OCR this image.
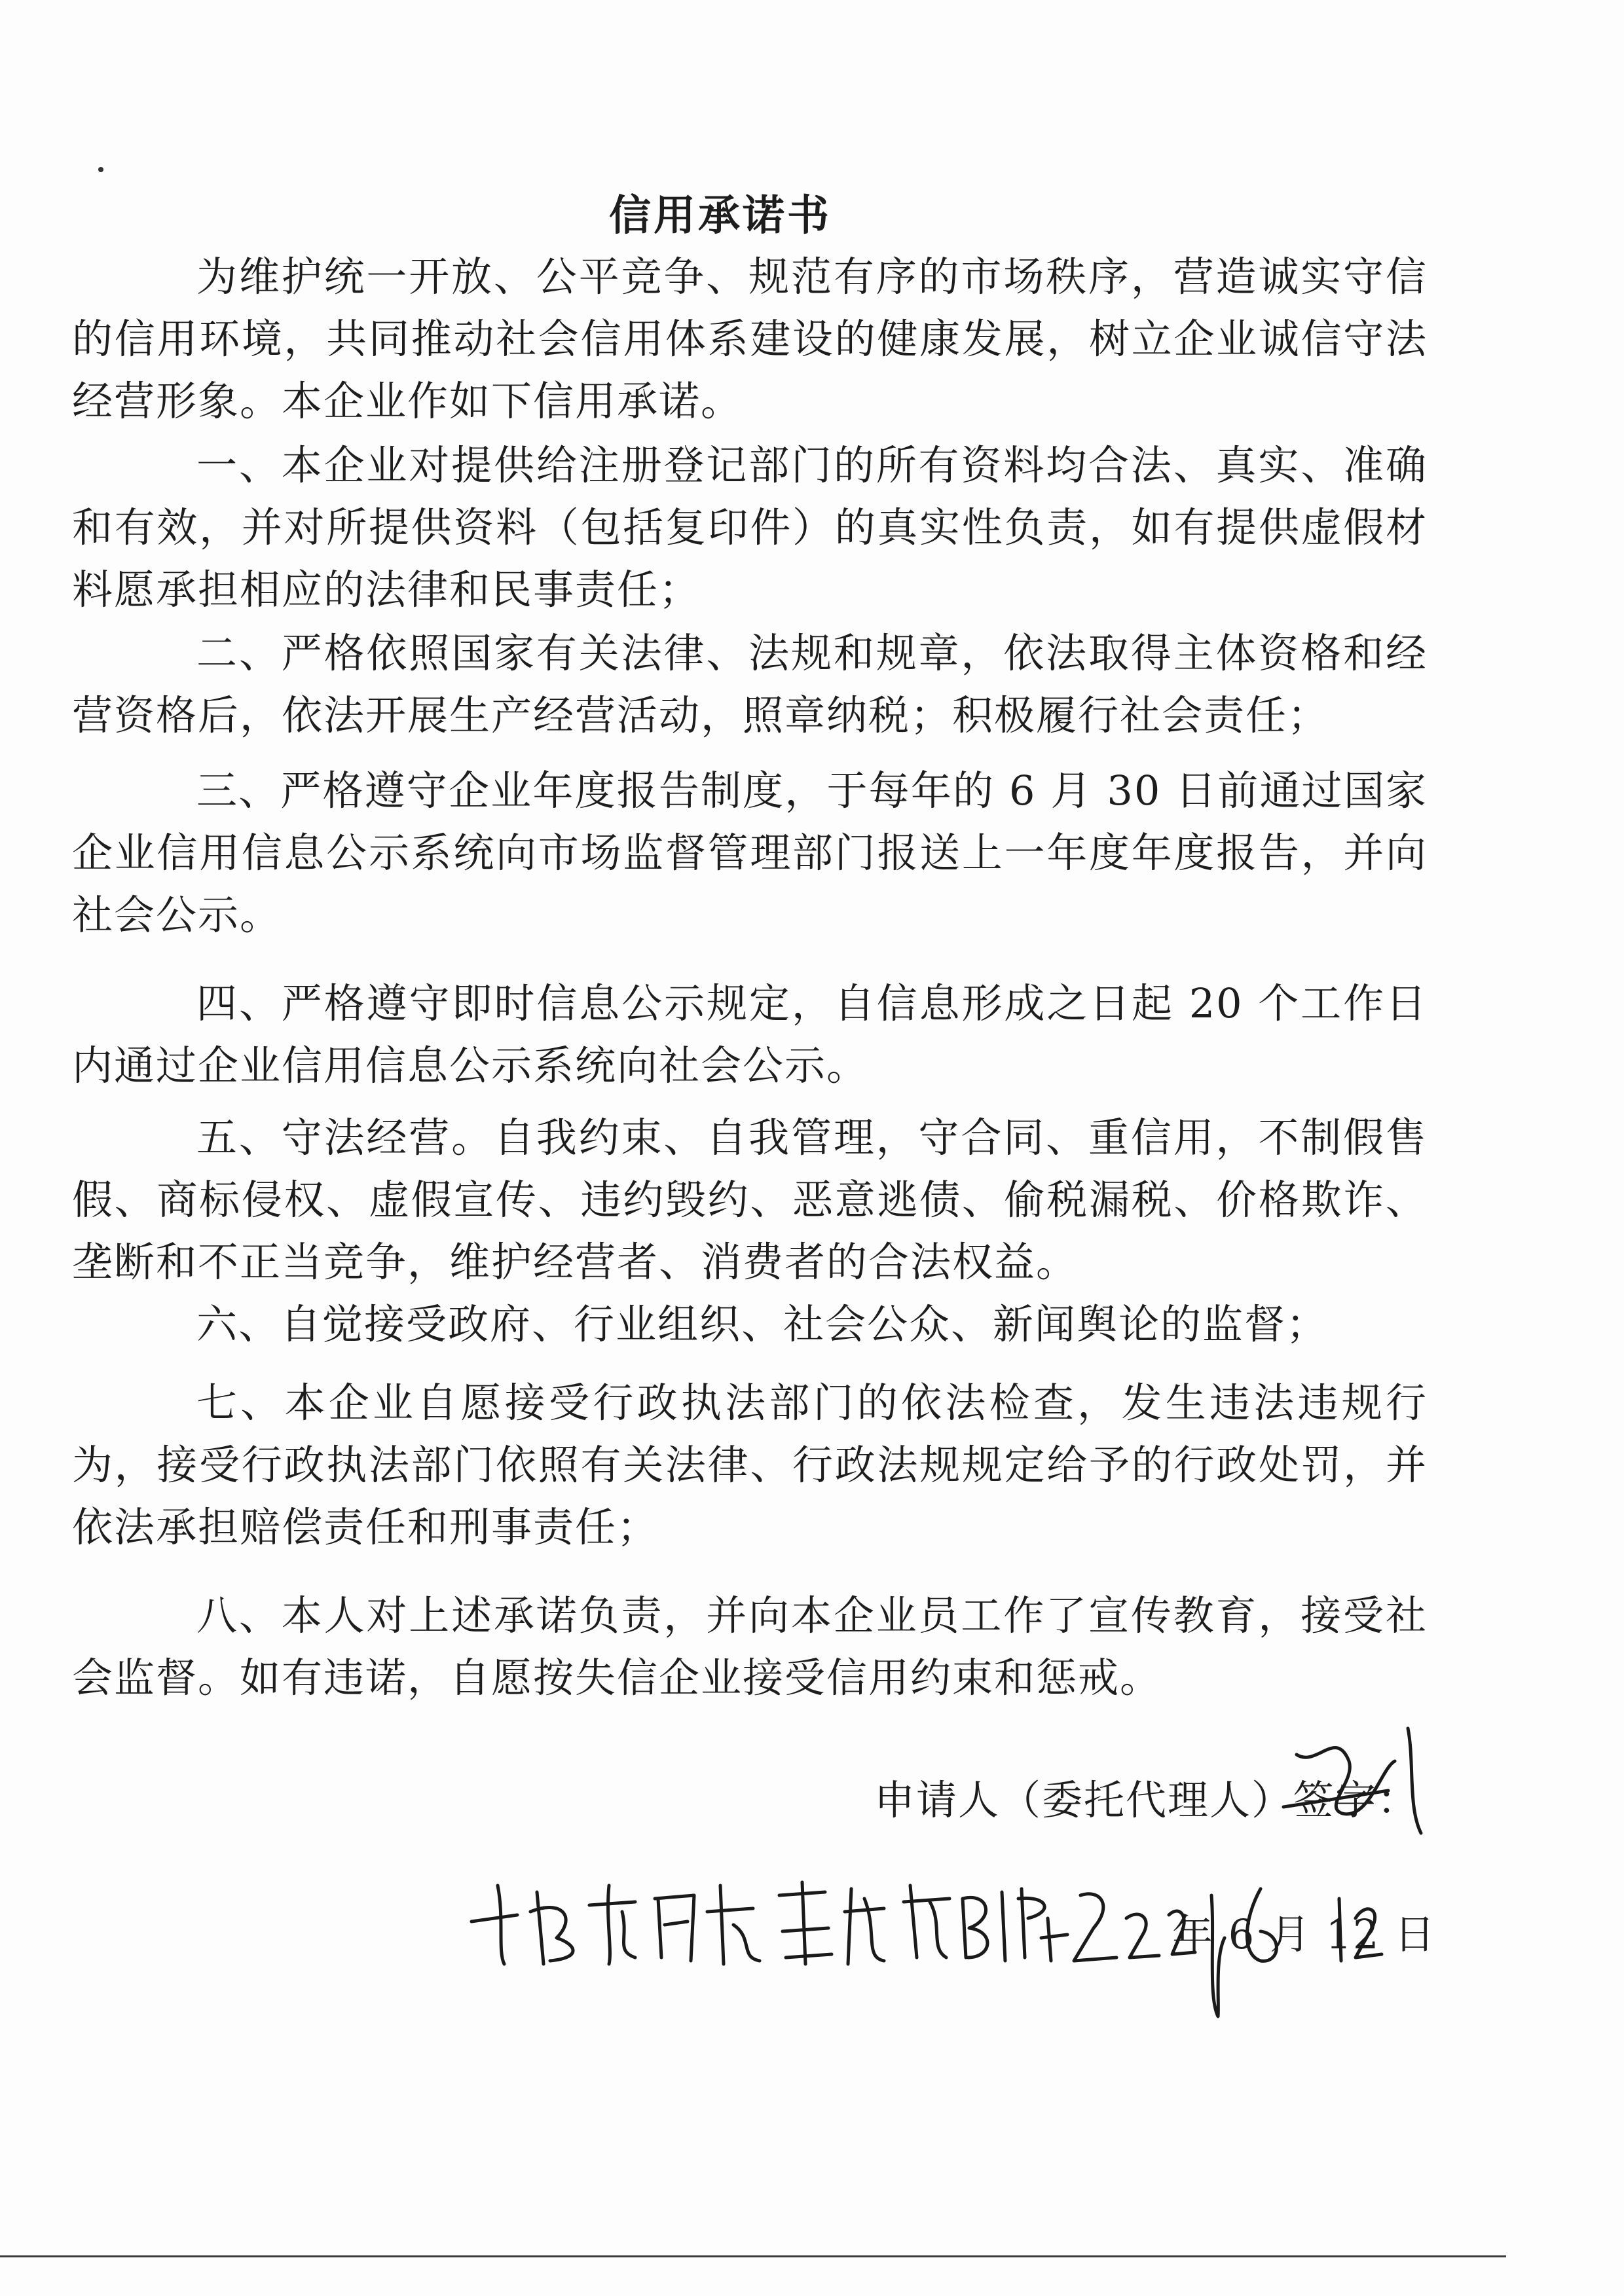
信用承诺书

为维护统一开放、公平竞争、规范有序的市场秩序，营造诚实守信的信用环境，共同推动社会信用体系建设的健康发展，树立企业诚信守法经营形象。本企业作如下信用承诺。

一、本企业对提供给注册登记部门的所有资料均合法、真实、准确和有效，并对所提供资料（包括复印件）的真实性负责，如有提供虚假材料愿承担相应的法律和民事责任；

二、严格依照国家有关法律、法规和规章，依法取得主体资格和经营资格后，依法开展生产经营活动，照章纳税；积极履行社会责任；

三、严格遵守企业年度报告制度，于每年的 6 月 30 日前通过国家企业信用信息公示系统向市场监督管理部门报送上一年度年度报告，并向社会公示。

四、严格遵守即时信息公示规定，自信息形成之日起 20 个工作日内通过企业信用信息公示系统向社会公示。

五、守法经营。自我约束、自我管理，守合同、重信用，不制假售假、商标侵权、虚假宣传、违约毁约、恶意逃债、偷税漏税、价格欺诈、垄断和不正当竞争，维护经营者、消费者的合法权益。

六、自觉接受政府、行业组织、社会公众、新闻舆论的监督；

七、本企业自愿接受行政执法部门的依法检查，发生违法违规行为，接受行政执法部门依照有关法律、行政法规规定给予的行政处罚，并依法承担赔偿责任和刑事责任；

八、本人对上述承诺负责，并向本企业员工作了宣传教育，接受社会监督。如有违诺，自愿按失信企业接受信用约束和惩戒。

申请人（委托代理人）签字：

年 6 月 12 日
